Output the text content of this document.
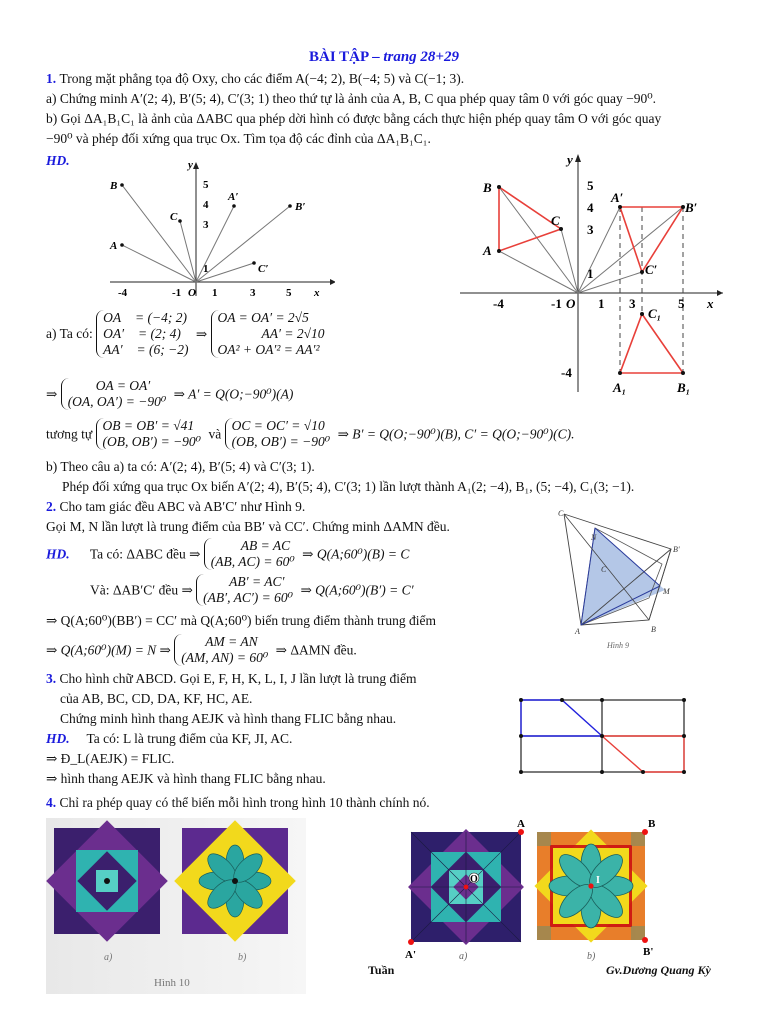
BÀI TẬP – trang 28+29
1. Trong mặt phẳng tọa độ Oxy, cho các điểm A(−4; 2), B(−4; 5) và C(−1; 3).
a) Chứng minh A′(2; 4), B′(5; 4), C′(3; 1) theo thứ tự là ảnh của A, B, C qua phép quay tâm 0 với góc quay −90⁰.
b) Gọi ΔA₁B₁C₁ là ảnh của ΔABC qua phép dời hình có được bằng cách thực hiện phép quay tâm O với góc quay
−90⁰ và phép đối xứng qua trục Ox. Tìm tọa độ các đỉnh của ΔA₁B₁C₁.
HD.
A
B
C
A′
B′
C′
-4	-1 O 1	3	5 x
5
4
3
1
y
A
B
C
A′
B′
C′
C₁
A₁	B₁
-4	-1 O 1 3	5 x
5
4
3
1
-4
y
a) Ta có:
OA⃗ = (−4; 2)
OA′⃗ = (2; 4)
AA′⃗ = (6; −2)
⇒
OA = OA′ = 2√5
AA′ = 2√10
OA² + OA′² = AA′²
⇒
OA = OA′
(OA, OA′) = −90⁰
⇒ A′ = Q(O;−90⁰)(A)
tương tự
OB = OB′ = √41
(OB, OB′) = −90⁰
và
OC = OC′ = √10
(OB, OB′) = −90⁰
⇒ B′ = Q(O;−90⁰)(B), C′ = Q(O;−90⁰)(C).
b) Theo câu a) ta có: A′(2; 4), B′(5; 4) và C′(3; 1).
Phép đối xứng qua trục Ox biến A′(2; 4), B′(5; 4), C′(3; 1) lần lượt thành A₁(2; −4), B₁, (5; −4), C₁(3; −1).
2. Cho tam giác đều ABC và AB′C′ như Hình 9.
Gọi M, N lần lượt là trung điểm của BB′ và CC′. Chứng minh ΔAMN đều.
HD. Ta có: ΔABC đều ⇒
AB = AC
(AB, AC) = 60⁰
⇒ Q(A;60⁰)(B) = C
Và: ΔAB′C′ đều ⇒
AB′ = AC′
(AB′, AC′) = 60⁰
⇒ Q(A;60⁰)(B′) = C′
⇒ Q(A;60⁰)(BB′) = CC′ mà Q(A;60⁰) biến trung điểm thành trung điểm
⇒ Q(A;60⁰)(M) = N ⇒
AM = AN
(AM, AN) = 60⁰
⇒ ΔAMN đều.
C
N
C
B'
M
A	B
Hình 9
3. Cho hình chữ ABCD. Gọi E, F, H, K, L, I, J lần lượt là trung điểm
của AB, BC, CD, DA, KF, HC, AE.
Chứng minh hình thang AEJK và hình thang FLIC bằng nhau.
HD. Ta có: L là trung điểm của KF, JI, AC.
⇒ Đ_L(AEJK) = FLIC.
⇒ hình thang AEJK và hình thang FLIC bằng nhau.
4. Chỉ ra phép quay có thể biến mỗi hình trong hình 10 thành chính nó.
a)	b)
Hình 10
A	B
A'	B'
O	I
a)	b)
Tuần	Gv.Dương Quang Kỳ
